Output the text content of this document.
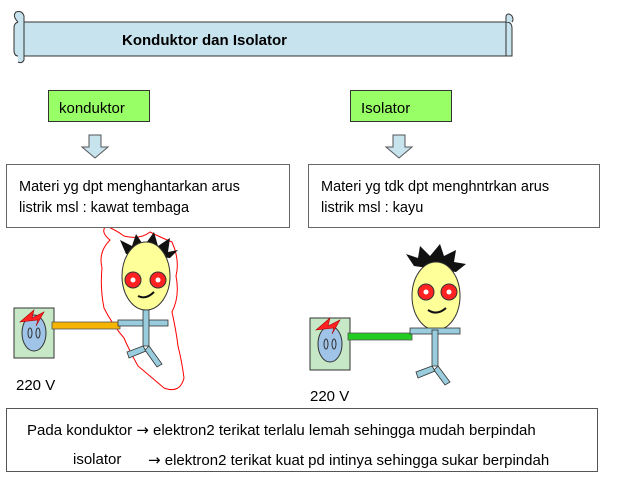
Konduktor dan Isolator
konduktor	Isolator
Materi yg dpt menghantarkan arus
listrik msl : kawat tembaga
Materi yg tdk dpt menghntrkan arus
listrik msl : kayu
220 V
220 V
Pada konduktor → elektron2 terikat terlalu lemah sehingga mudah berpindah
isolator → elektron2 terikat kuat pd intinya sehingga sukar berpindah
